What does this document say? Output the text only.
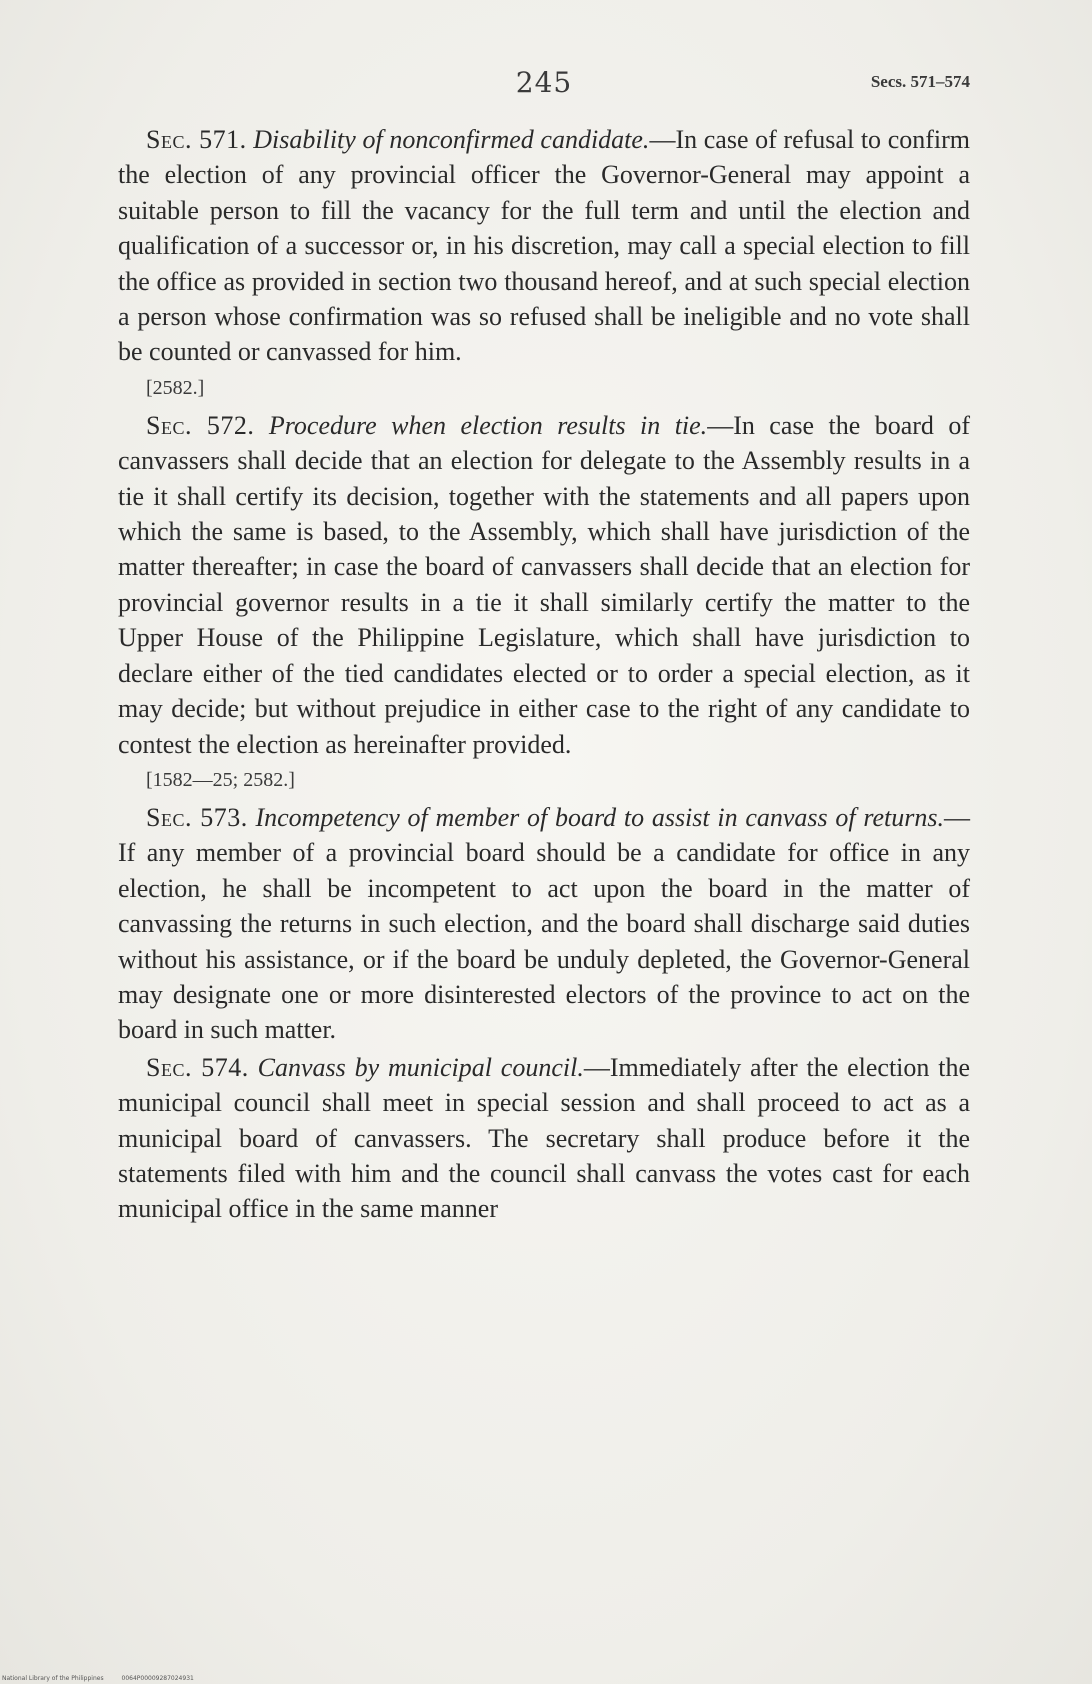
245	Secs. 571–574

Sec. 571. Disability of nonconfirmed candidate.—In case of refusal to confirm the election of any provincial officer the Governor-General may appoint a suitable person to fill the vacancy for the full term and until the election and qualification of a successor or, in his discretion, may call a special election to fill the office as provided in section two thousand hereof, and at such special election a person whose confirmation was so refused shall be ineligible and no vote shall be counted or canvassed for him.

[2582.]

Sec. 572. Procedure when election results in tie.—In case the board of canvassers shall decide that an election for delegate to the Assembly results in a tie it shall certify its decision, together with the statements and all papers upon which the same is based, to the Assembly, which shall have jurisdiction of the matter thereafter; in case the board of canvassers shall decide that an election for provincial governor results in a tie it shall similarly certify the matter to the Upper House of the Philippine Legislature, which shall have jurisdiction to declare either of the tied candidates elected or to order a special election, as it may decide; but without prejudice in either case to the right of any candidate to contest the election as hereinafter provided.

[1582—25; 2582.]

Sec. 573. Incompetency of member of board to assist in canvass of returns.—If any member of a provincial board should be a candidate for office in any election, he shall be incompetent to act upon the board in the matter of canvassing the returns in such election, and the board shall discharge said duties without his assistance, or if the board be unduly depleted, the Governor-General may designate one or more disinterested electors of the province to act on the board in such matter.

Sec. 574. Canvass by municipal council.—Immediately after the election the municipal council shall meet in special session and shall proceed to act as a municipal board of canvassers. The secretary shall produce before it the statements filed with him and the council shall canvass the votes cast for each municipal office in the same manner

National Library of the Philippines	0064P00009287024931
